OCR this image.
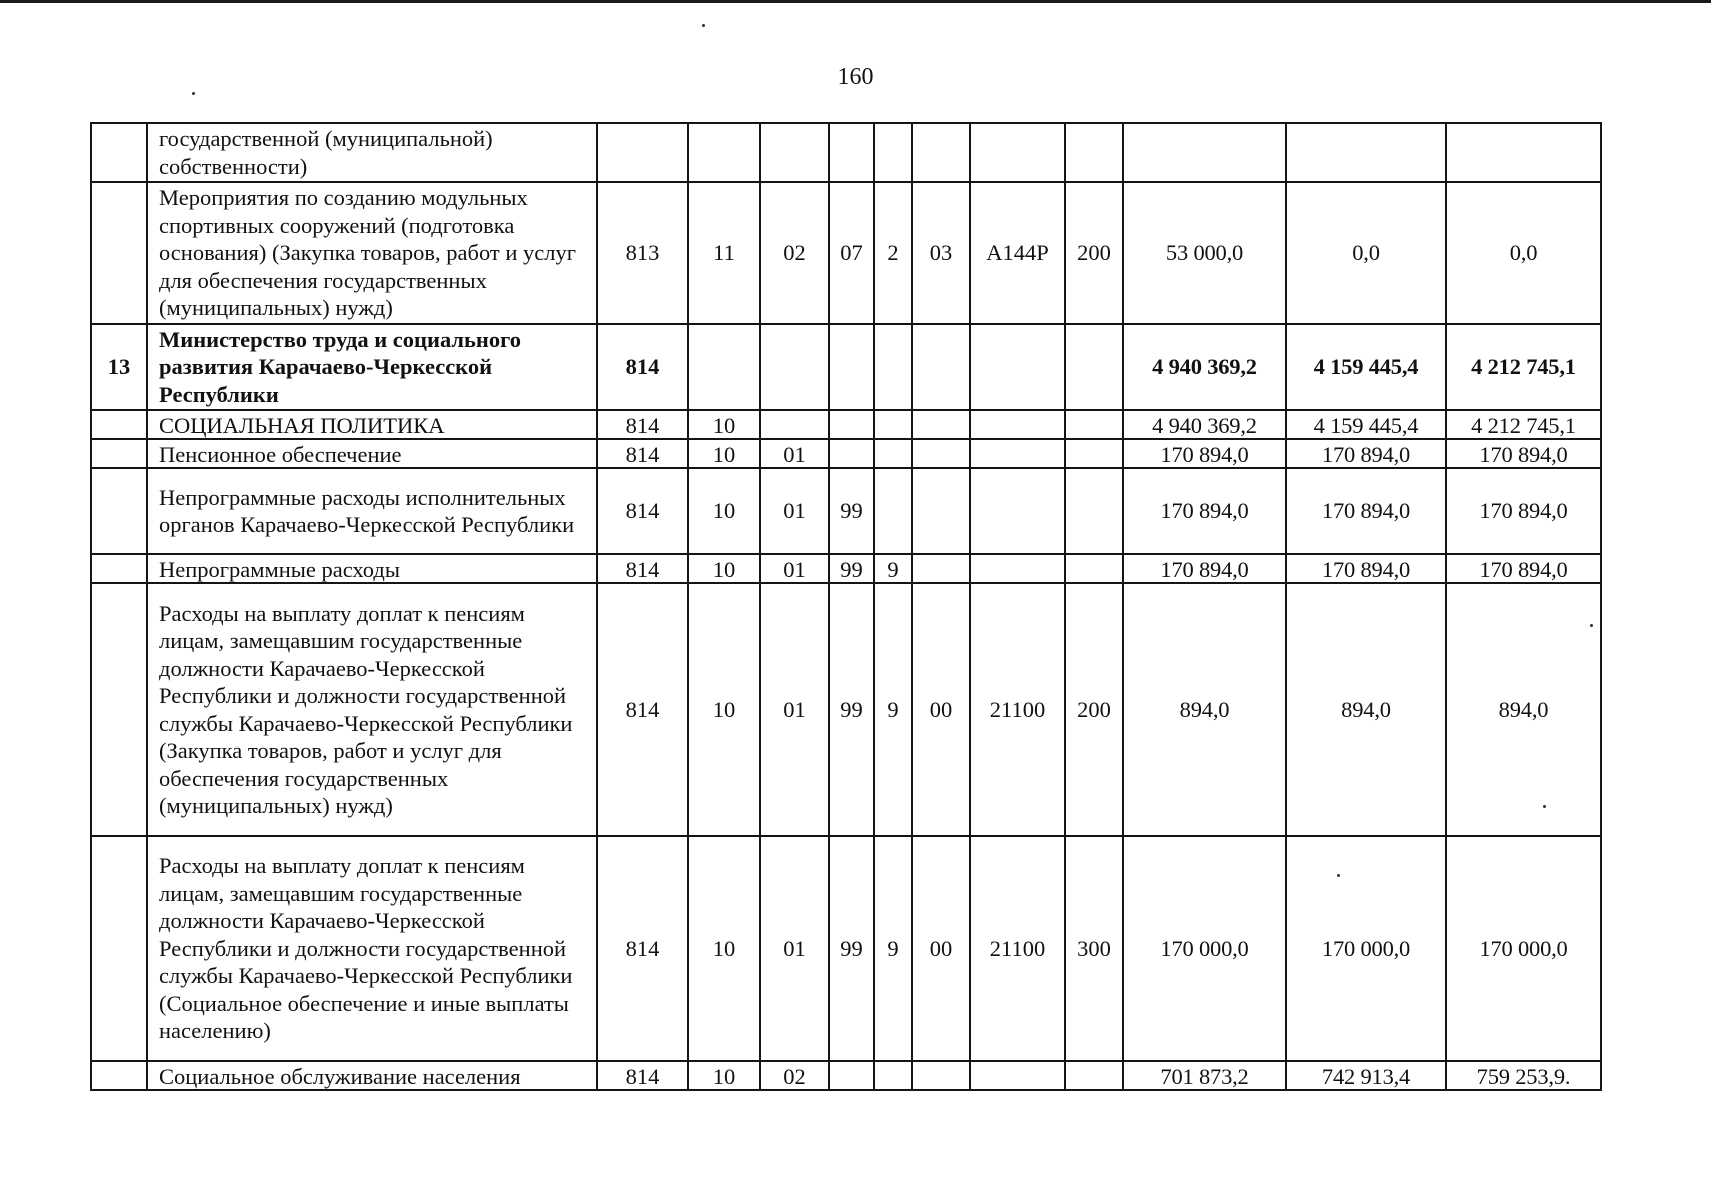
160
	государственной (муниципальной) собственности)											
	Мероприятия по созданию модульных спортивных сооружений (подготовка основания) (Закупка товаров, работ и услуг для обеспечения государственных (муниципальных) нужд)	813	11	02	07	2	03	А144Р	200	53 000,0	0,0	0,0
13	Министерство труда и социального развития Карачаево-Черкесской Республики	814								4 940 369,2	4 159 445,4	4 212 745,1
	СОЦИАЛЬНАЯ ПОЛИТИКА	814	10							4 940 369,2	4 159 445,4	4 212 745,1
	Пенсионное обеспечение	814	10	01						170 894,0	170 894,0	170 894,0
	Непрограммные расходы исполнительных органов Карачаево-Черкесской Республики	814	10	01	99					170 894,0	170 894,0	170 894,0
	Непрограммные расходы	814	10	01	99	9				170 894,0	170 894,0	170 894,0
	Расходы на выплату доплат к пенсиям лицам, замещавшим государственные должности Карачаево-Черкесской Республики и должности государственной службы Карачаево-Черкесской Республики (Закупка товаров, работ и услуг для обеспечения государственных (муниципальных) нужд)	814	10	01	99	9	00	21100	200	894,0	894,0	894,0
	Расходы на выплату доплат к пенсиям лицам, замещавшим государственные должности Карачаево-Черкесской Республики и должности государственной службы Карачаево-Черкесской Республики (Социальное обеспечение и иные выплаты населению)	814	10	01	99	9	00	21100	300	170 000,0	170 000,0	170 000,0
	Социальное обслуживание населения	814	10	02						701 873,2	742 913,4	759 253,9.
